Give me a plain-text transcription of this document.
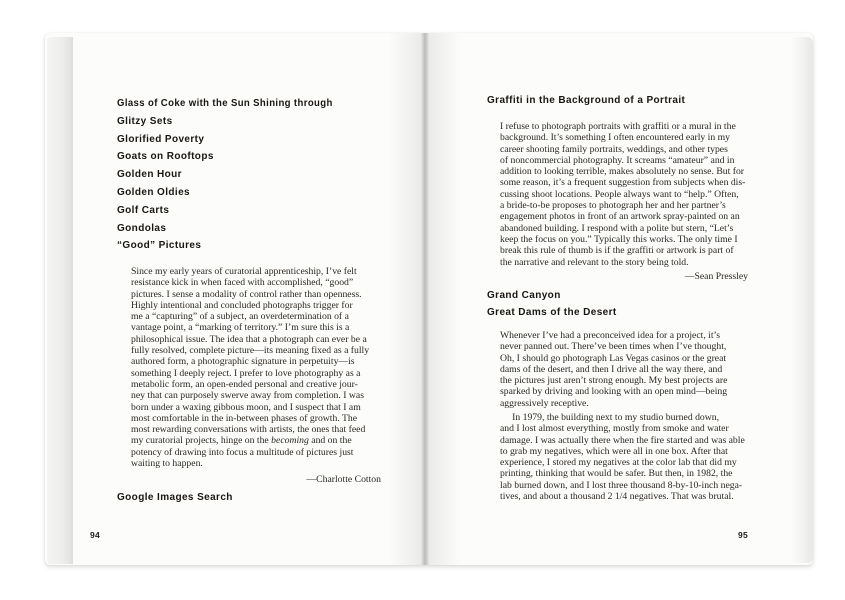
Glass of Coke with the Sun Shining through
Glitzy Sets
Glorified Poverty
Goats on Rooftops
Golden Hour
Golden Oldies
Golf Carts
Gondolas
“Good” Pictures
Since my early years of curatorial apprenticeship, I’ve felt
resistance kick in when faced with accomplished, “good”
pictures. I sense a modality of control rather than openness.
Highly intentional and concluded photographs trigger for
me a “capturing” of a subject, an overdetermination of a
vantage point, a “marking of territory.” I’m sure this is a
philosophical issue. The idea that a photograph can ever be a
fully resolved, complete picture—its meaning fixed as a fully
authored form, a photographic signature in perpetuity—is
something I deeply reject. I prefer to love photography as a
metabolic form, an open-ended personal and creative jour-
ney that can purposely swerve away from completion. I was
born under a waxing gibbous moon, and I suspect that I am
most comfortable in the in-between phases of growth. The
most rewarding conversations with artists, the ones that feed
my curatorial projects, hinge on the becoming and on the
potency of drawing into focus a multitude of pictures just
waiting to happen.
—Charlotte Cotton
Google Images Search
94
Graffiti in the Background of a Portrait
I refuse to photograph portraits with graffiti or a mural in the
background. It’s something I often encountered early in my
career shooting family portraits, weddings, and other types
of noncommercial photography. It screams “amateur” and in
addition to looking terrible, makes absolutely no sense. But for
some reason, it’s a frequent suggestion from subjects when dis-
cussing shoot locations. People always want to “help.” Often,
a bride-to-be proposes to photograph her and her partner’s
engagement photos in front of an artwork spray-painted on an
abandoned building. I respond with a polite but stern, “Let’s
keep the focus on you.” Typically this works. The only time I
break this rule of thumb is if the graffiti or artwork is part of
the narrative and relevant to the story being told.
—Sean Pressley
Grand Canyon
Great Dams of the Desert
Whenever I’ve had a preconceived idea for a project, it’s
never panned out. There’ve been times when I’ve thought,
Oh, I should go photograph Las Vegas casinos or the great
dams of the desert, and then I drive all the way there, and
the pictures just aren’t strong enough. My best projects are
sparked by driving and looking with an open mind—being
aggressively receptive.
In 1979, the building next to my studio burned down,
and I lost almost everything, mostly from smoke and water
damage. I was actually there when the fire started and was able
to grab my negatives, which were all in one box. After that
experience, I stored my negatives at the color lab that did my
printing, thinking that would be safer. But then, in 1982, the
lab burned down, and I lost three thousand 8-by-10-inch nega-
tives, and about a thousand 2 1/4 negatives. That was brutal.
95
